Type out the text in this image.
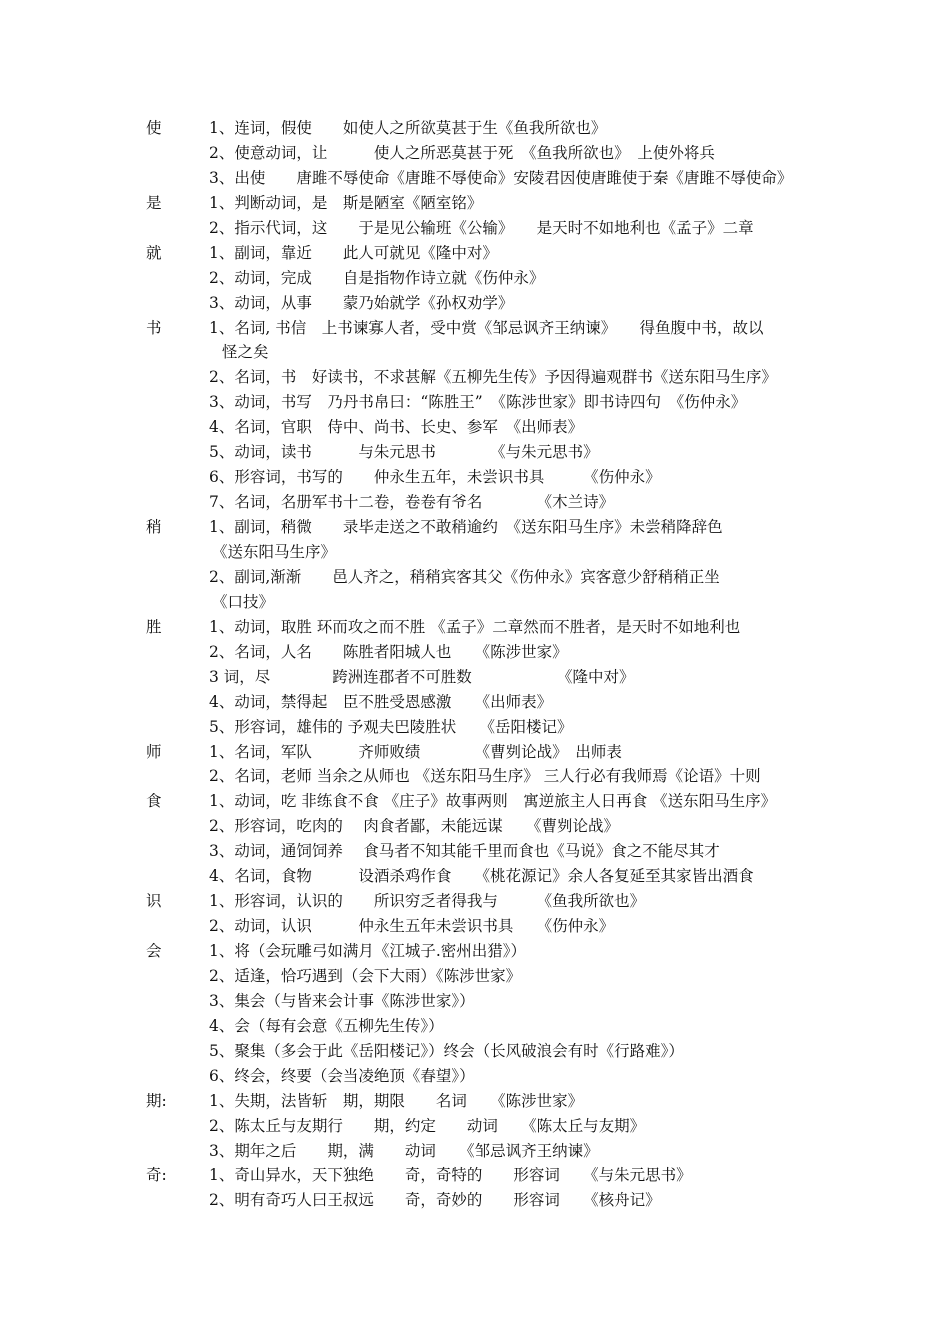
使	1、连词，假使　　如使人之所欲莫甚于生《鱼我所欲也》
2、使意动词，让　　　使人之所恶莫甚于死　《鱼我所欲也》　上使外将兵
3、出使　　唐雎不辱使命《唐雎不辱使命》安陵君因使唐雎使于秦《唐雎不辱使命》
是	1、判断动词，是　斯是陋室《陋室铭》
2、指示代词，这　　于是见公输班《公输》　　是天时不如地利也《孟子》二章
就	1、副词，靠近　　此人可就见《隆中对》
2、动词，完成　　自是指物作诗立就《伤仲永》
3、动词，从事　　蒙乃始就学《孙权劝学》
书	1、名词, 书信　上书谏寡人者，受中赏《邹忌讽齐王纳谏》　　得鱼腹中书，故以
怪之矣
2、名词，书　好读书，不求甚解《五柳先生传》予因得遍观群书《送东阳马生序》
3、动词，书写　乃丹书帛曰：“陈胜王”　《陈涉世家》即书诗四句　《伤仲永》
4、名词，官职　侍中、尚书、长史、参军　《出师表》
5、动词，读书　　　与朱元思书　　　　《与朱元思书》
6、形容词，书写的　　仲永生五年，未尝识书具　　　《伤仲永》
7、名词，名册军书十二卷，卷卷有爷名　　　　《木兰诗》
稍	1、副词，稍微　　录毕走送之不敢稍逾约　《送东阳马生序》未尝稍降辞色
《送东阳马生序》
2、副词,渐渐　　邑人齐之，稍稍宾客其父《伤仲永》宾客意少舒稍稍正坐
《口技》
胜	1、动词，取胜 环而攻之而不胜 《孟子》二章然而不胜者，是天时不如地利也
2、名词，人名　　陈胜者阳城人也　　《陈涉世家》
3 词，尽　　　　跨洲连郡者不可胜数　　　　　　《隆中对》
4、动词，禁得起　臣不胜受恩感激　　《出师表》
5、形容词，雄伟的 予观夫巴陵胜状　　《岳阳楼记》
师	1、名词，军队　　　齐师败绩　　　　《曹刿论战》　出师表
2、名词，老师 当余之从师也 《送东阳马生序》 三人行必有我师焉《论语》十则
食	1、动词，吃 非练食不食 《庄子》故事两则　寓逆旅主人日再食 《送东阳马生序》
2、形容词，吃肉的　 肉食者鄙，未能远谋　　《曹刿论战》
3、动词，通饲饲养　 食马者不知其能千里而食也《马说》食之不能尽其才
4、名词，食物　　　设酒杀鸡作食　　《桃花源记》余人各复延至其家皆出酒食
识	1、形容词，认识的　　所识穷乏者得我与　　　《鱼我所欲也》
2、动词，认识　　　仲永生五年未尝识书具　　《伤仲永》
会	1、将（会玩雕弓如满月《江城子.密州出猎》）
2、适逢，恰巧遇到（会下大雨）《陈涉世家》
3、集会（与皆来会计事《陈涉世家》）
4、会（每有会意《五柳先生传》）
5、聚集（多会于此《岳阳楼记》）终会（长风破浪会有时《行路难》）
6、终会，终要（会当凌绝顶《春望》）
期:	1、失期，法皆斩　期，期限　　名词　　《陈涉世家》
2、陈太丘与友期行　　期，约定　　动词　　《陈太丘与友期》
3、期年之后　　期，满　　动词　　《邹忌讽齐王纳谏》
奇:	1、奇山异水，天下独绝　　奇，奇特的　　形容词　　《与朱元思书》
2、明有奇巧人曰王叔远　　奇，奇妙的　　形容词　　《核舟记》
